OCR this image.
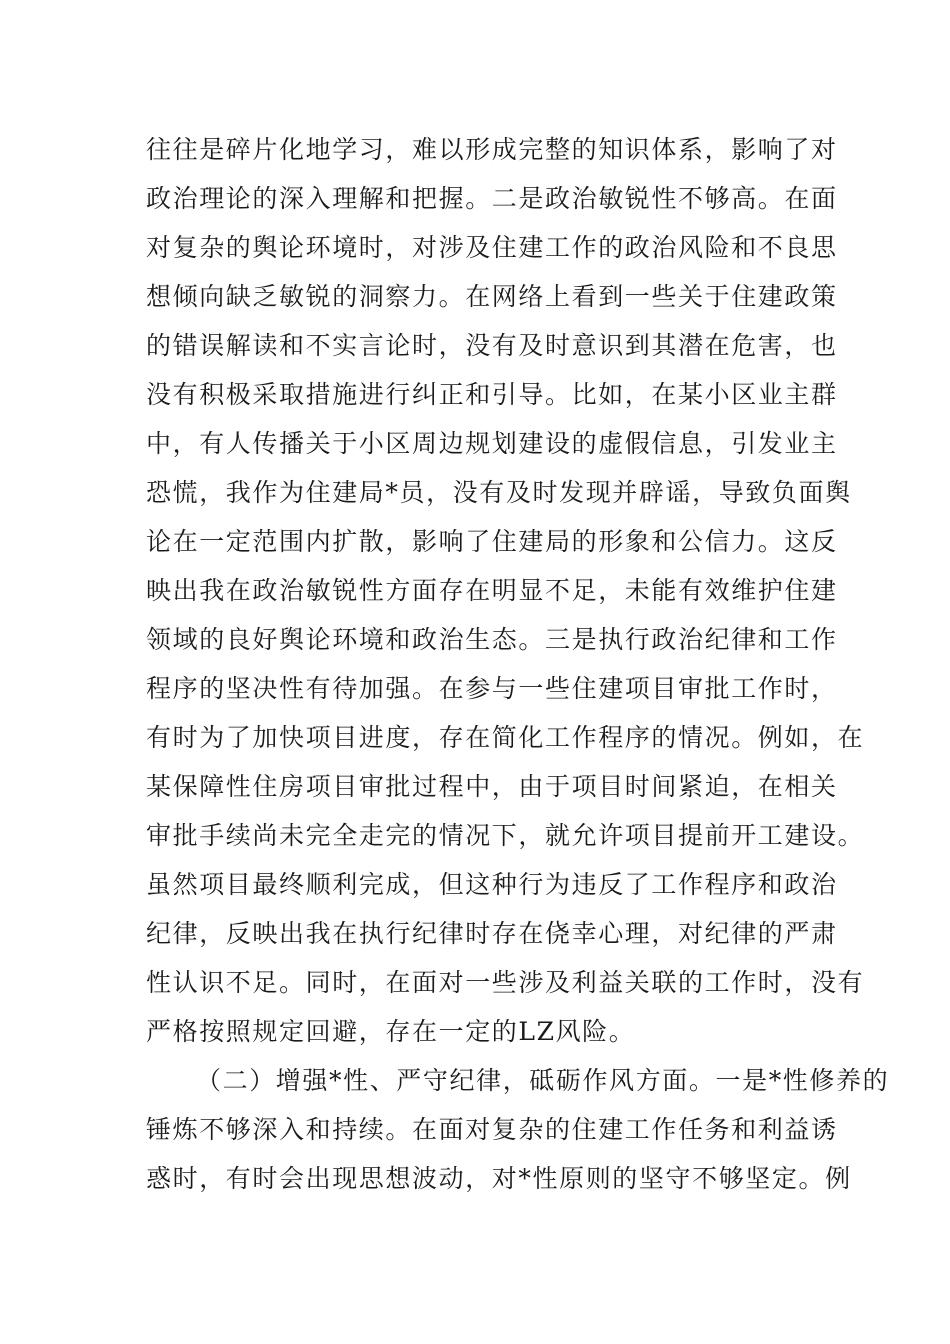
往往是碎片化地学习，难以形成完整的知识体系，影响了对
政治理论的深入理解和把握。二是政治敏锐性不够高。在面
对复杂的舆论环境时，对涉及住建工作的政治风险和不良思
想倾向缺乏敏锐的洞察力。在网络上看到一些关于住建政策
的错误解读和不实言论时，没有及时意识到其潜在危害，也
没有积极采取措施进行纠正和引导。比如，在某小区业主群
中，有人传播关于小区周边规划建设的虚假信息，引发业主
恐慌，我作为住建局*员，没有及时发现并辟谣，导致负面舆
论在一定范围内扩散，影响了住建局的形象和公信力。这反
映出我在政治敏锐性方面存在明显不足，未能有效维护住建
领域的良好舆论环境和政治生态。三是执行政治纪律和工作
程序的坚决性有待加强。在参与一些住建项目审批工作时，
有时为了加快项目进度，存在简化工作程序的情况。例如，在
某保障性住房项目审批过程中，由于项目时间紧迫，在相关
审批手续尚未完全走完的情况下，就允许项目提前开工建设。
虽然项目最终顺利完成，但这种行为违反了工作程序和政治
纪律，反映出我在执行纪律时存在侥幸心理，对纪律的严肃
性认识不足。同时，在面对一些涉及利益关联的工作时，没有
严格按照规定回避，存在一定的LZ风险。
（二）增强*性、严守纪律，砥砺作风方面。一是*性修养的
锤炼不够深入和持续。在面对复杂的住建工作任务和利益诱
惑时，有时会出现思想波动，对*性原则的坚守不够坚定。例
